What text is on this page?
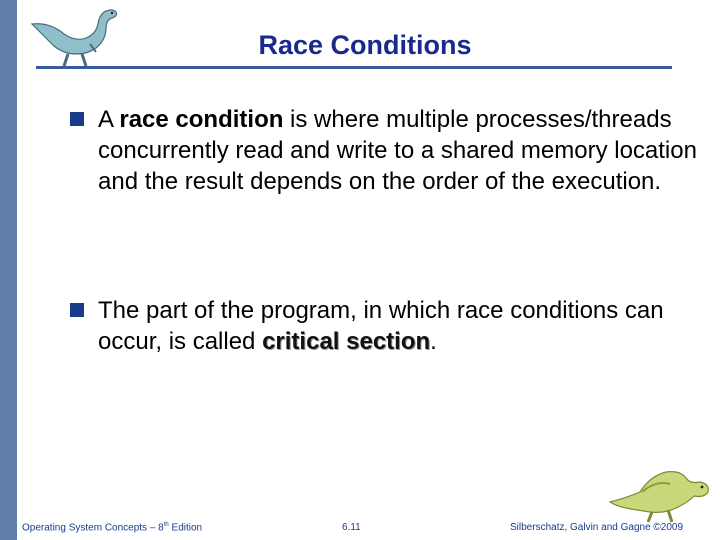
Race Conditions
A race condition is where multiple processes/threads concurrently read and write to a shared memory location and the result depends on the order of the execution.
The part of the program, in which race conditions can occur, is called critical section.
Operating System Concepts – 8th Edition	6.11	Silberschatz, Galvin and Gagne ©2009
